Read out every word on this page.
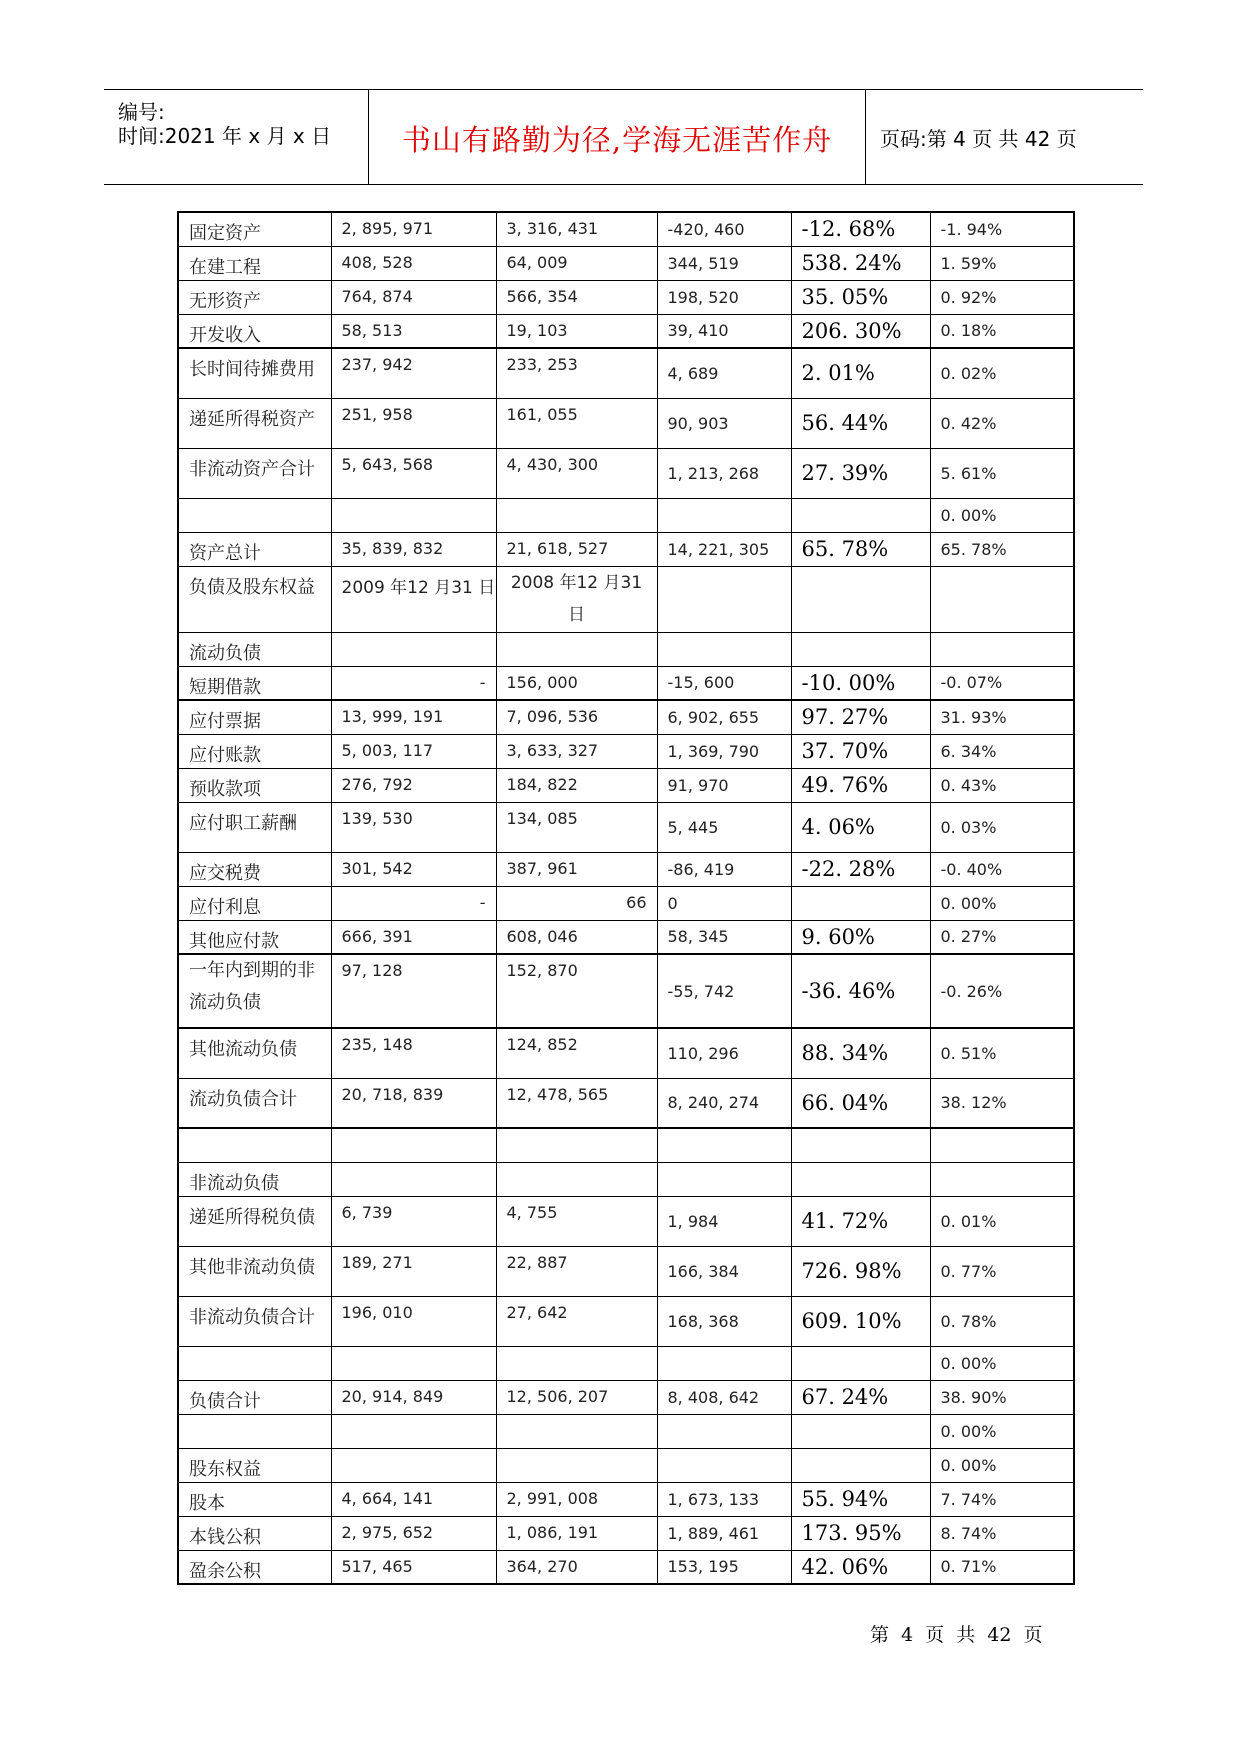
编号:
时间:2021 年 x 月 x 日	书山有路勤为径,学海无涯苦作舟	页码:第 4 页 共 42 页
固定资产	2, 895, 971	3, 316, 431	-420, 460	-12. 68%	-1. 94%
在建工程	408, 528	64, 009	344, 519	538. 24%	1. 59%
无形资产	764, 874	566, 354	198, 520	35. 05%	0. 92%
开发收入	58, 513	19, 103	39, 410	206. 30%	0. 18%
长时间待摊费用	237, 942	233, 253	4, 689	2. 01%	0. 02%
递延所得税资产	251, 958	161, 055	90, 903	56. 44%	0. 42%
非流动资产合计	5, 643, 568	4, 430, 300	1, 213, 268	27. 39%	5. 61%
					0. 00%
资产总计	35, 839, 832	21, 618, 527	14, 221, 305	65. 78%	65. 78%
负债及股东权益	2009 年12 月31 日	2008 年12 月31 日			
流动负债					
短期借款	-	156, 000	-15, 600	-10. 00%	-0. 07%
应付票据	13, 999, 191	7, 096, 536	6, 902, 655	97. 27%	31. 93%
应付账款	5, 003, 117	3, 633, 327	1, 369, 790	37. 70%	6. 34%
预收款项	276, 792	184, 822	91, 970	49. 76%	0. 43%
应付职工薪酬	139, 530	134, 085	5, 445	4. 06%	0. 03%
应交税费	301, 542	387, 961	-86, 419	-22. 28%	-0. 40%
应付利息	-	66	0		0. 00%
其他应付款	666, 391	608, 046	58, 345	9. 60%	0. 27%
一年内到期的非流动负债	97, 128	152, 870	-55, 742	-36. 46%	-0. 26%
其他流动负债	235, 148	124, 852	110, 296	88. 34%	0. 51%
流动负债合计	20, 718, 839	12, 478, 565	8, 240, 274	66. 04%	38. 12%

非流动负债					
递延所得税负债	6, 739	4, 755	1, 984	41. 72%	0. 01%
其他非流动负债	189, 271	22, 887	166, 384	726. 98%	0. 77%
非流动负债合计	196, 010	27, 642	168, 368	609. 10%	0. 78%
					0. 00%
负债合计	20, 914, 849	12, 506, 207	8, 408, 642	67. 24%	38. 90%
					0. 00%
股东权益					0. 00%
股本	4, 664, 141	2, 991, 008	1, 673, 133	55. 94%	7. 74%
本钱公积	2, 975, 652	1, 086, 191	1, 889, 461	173. 95%	8. 74%
盈余公积	517, 465	364, 270	153, 195	42. 06%	0. 71%
第 4 页 共 42 页
